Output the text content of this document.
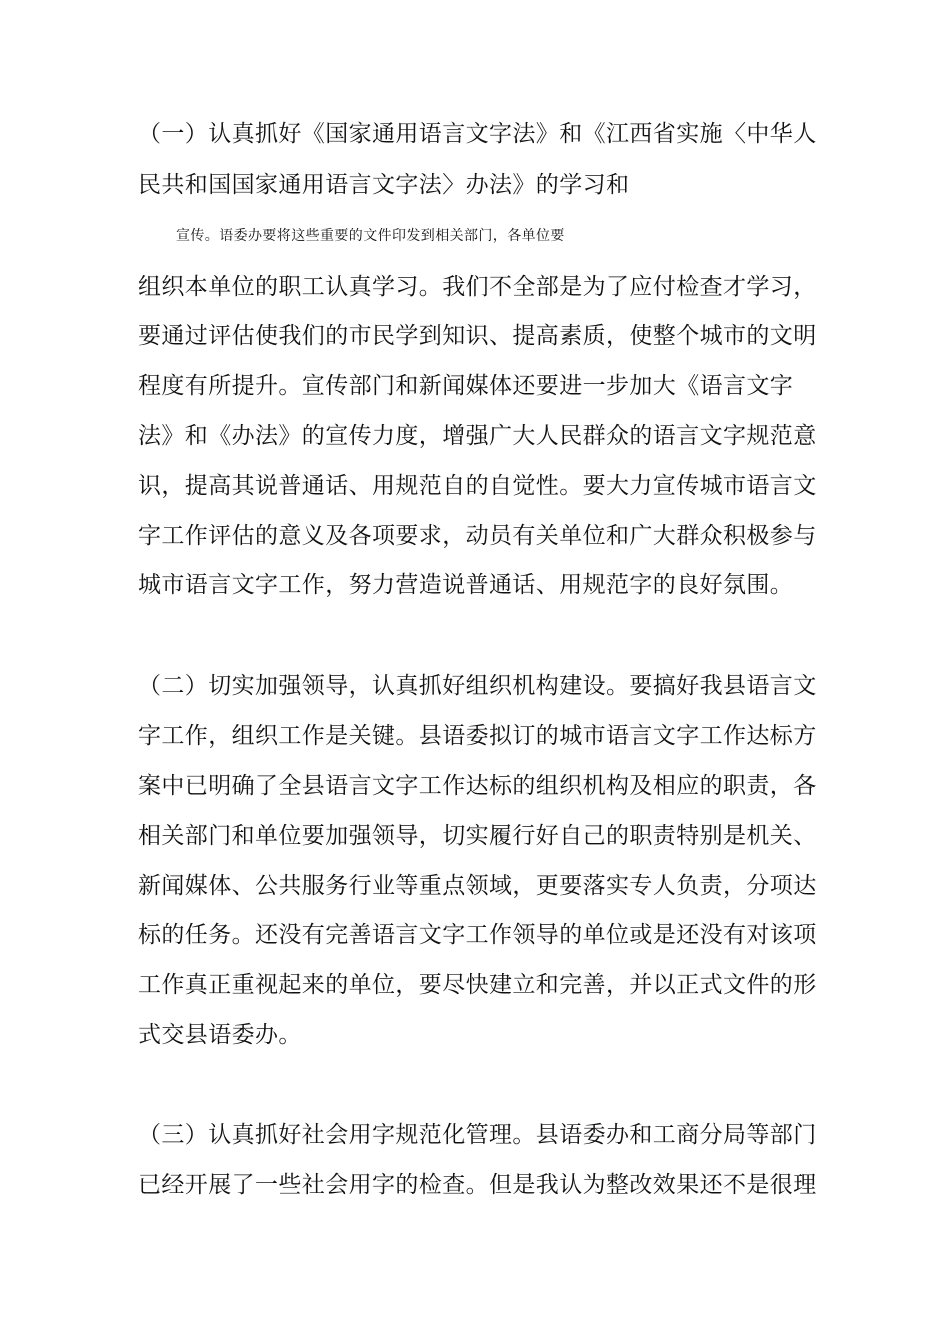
（一）认真抓好《国家通用语言文字法》和《江西省实施〈中华人
民共和国国家通用语言文字法〉办法》的学习和
宣传。语委办要将这些重要的文件印发到相关部门，各单位要
组织本单位的职工认真学习。我们不全部是为了应付检查才学习，
要通过评估使我们的市民学到知识、提高素质，使整个城市的文明
程度有所提升。宣传部门和新闻媒体还要进一步加大《语言文字
法》和《办法》的宣传力度，增强广大人民群众的语言文字规范意
识，提高其说普通话、用规范自的自觉性。要大力宣传城市语言文
字工作评估的意义及各项要求，动员有关单位和广大群众积极参与
城市语言文字工作，努力营造说普通话、用规范字的良好氛围。
（二）切实加强领导，认真抓好组织机构建设。要搞好我县语言文
字工作，组织工作是关键。县语委拟订的城市语言文字工作达标方
案中已明确了全县语言文字工作达标的组织机构及相应的职责，各
相关部门和单位要加强领导，切实履行好自己的职责特别是机关、
新闻媒体、公共服务行业等重点领域，更要落实专人负责，分项达
标的任务。还没有完善语言文字工作领导的单位或是还没有对该项
工作真正重视起来的单位，要尽快建立和完善，并以正式文件的形
式交县语委办。
（三）认真抓好社会用字规范化管理。县语委办和工商分局等部门
已经开展了一些社会用字的检查。但是我认为整改效果还不是很理
